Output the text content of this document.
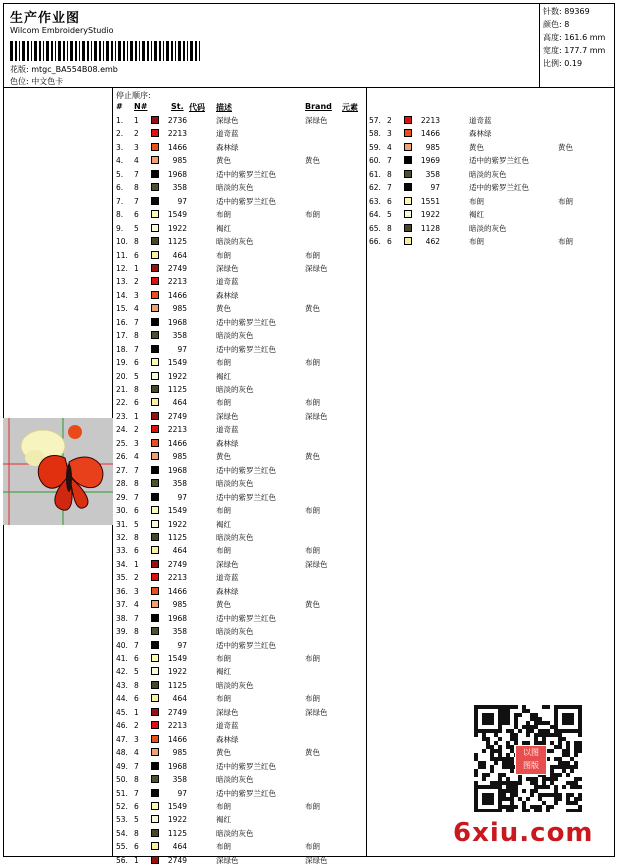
生产作业图
Wilcom EmbroideryStudio
花版: mtgc_BA554B08.emb
色位: 中文色卡
针数: 89369
颜色: 8
高度: 161.6 mm
宽度: 177.7 mm
比例: 0.19
停止顺序:
# N#	St. 代码 描述	Brand 元素
1. 1	2736	深绿色	深绿色
2. 2	2213	道奇蓝
3. 3	1466	森林绿
4. 4	985	黄色	黄色
5. 7	1968	适中的紫罗兰红色
6. 8	358	暗淡的灰色
7. 7	97	适中的紫罗兰红色
8. 6	1549	布朗	布朗
9. 5	1922	褐红
10. 8	1125	暗淡的灰色
11. 6	464	布朗	布朗
12. 1	2749	深绿色	深绿色
13. 2	2213	道奇蓝
14. 3	1466	森林绿
15. 4	985	黄色	黄色
16. 7	1968	适中的紫罗兰红色
17. 8	358	暗淡的灰色
18. 7	97	适中的紫罗兰红色
19. 6	1549	布朗	布朗
20. 5	1922	褐红
21. 8	1125	暗淡的灰色
22. 6	464	布朗	布朗
23. 1	2749	深绿色	深绿色
24. 2	2213	道奇蓝
25. 3	1466	森林绿
26. 4	985	黄色	黄色
27. 7	1968	适中的紫罗兰红色
28. 8	358	暗淡的灰色
29. 7	97	适中的紫罗兰红色
30. 6	1549	布朗	布朗
31. 5	1922	褐红
32. 8	1125	暗淡的灰色
33. 6	464	布朗	布朗
34. 1	2749	深绿色	深绿色
35. 2	2213	道奇蓝
36. 3	1466	森林绿
37. 4	985	黄色	黄色
38. 7	1968	适中的紫罗兰红色
39. 8	358	暗淡的灰色
40. 7	97	适中的紫罗兰红色
41. 6	1549	布朗	布朗
42. 5	1922	褐红
43. 8	1125	暗淡的灰色
44. 6	464	布朗	布朗
45. 1	2749	深绿色	深绿色
46. 2	2213	道奇蓝
47. 3	1466	森林绿
48. 4	985	黄色	黄色
49. 7	1968	适中的紫罗兰红色
50. 8	358	暗淡的灰色
51. 7	97	适中的紫罗兰红色
52. 6	1549	布朗	布朗
53. 5	1922	褐红
54. 8	1125	暗淡的灰色
55. 6	464	布朗	布朗
56. 1	2749	深绿色	深绿色
57. 2	2213	道奇蓝
58. 3	1466	森林绿
59. 4	985	黄色	黄色
60. 7	1969	适中的紫罗兰红色
61. 8	358	暗淡的灰色
62. 7	97	适中的紫罗兰红色
63. 6	1551	布朗	布朗
64. 5	1922	褐红
65. 8	1128	暗淡的灰色
66. 6	462	布朗	布朗
以图
图版
6xiu.com
